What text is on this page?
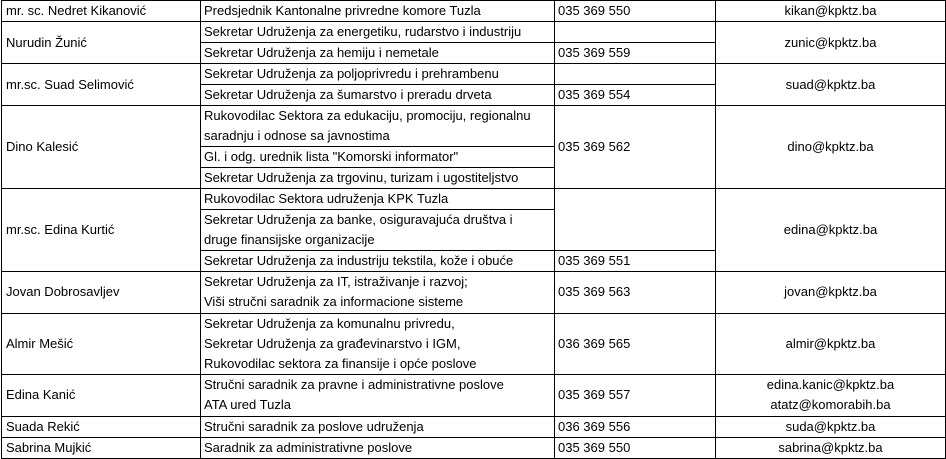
mr. sc. Nedret Kikanović	Predsjednik Kantonalne privredne komore Tuzla	035 369 550	kikan@kpktz.ba
Nurudin Žunić	Sekretar Udruženja za energetiku, rudarstvo i industriju		zunic@kpktz.ba
	Sekretar Udruženja za hemiju i nemetale	035 369 559	
mr.sc. Suad Selimović	Sekretar Udruženja za poljoprivredu i prehrambenu		suad@kpktz.ba
	Sekretar Udruženja za šumarstvo i preradu drveta	035 369 554	
Dino Kalesić	Rukovodilac Sektora za edukaciju, promociju, regionalnu
saradnju i odnose sa javnostima	035 369 562	dino@kpktz.ba
	Gl. i odg. urednik lista "Komorski informator"		
	Sekretar Udruženja za trgovinu, turizam i ugostiteljstvo		
mr.sc. Edina Kurtić	Rukovodilac Sektora udruženja KPK Tuzla		edina@kpktz.ba

	Sekretar Udruženja za banke, osiguravajuća društva i
druge finansijske organizacije		

	Sekretar Udruženja za industriju tekstila, kože i obuće	035 369 551	
Jovan Dobrosavljev	Sekretar Udruženja za IT, istraživanje i razvoj;
Viši stručni saradnik za informacione sisteme	035 369 563	jovan@kpktz.ba
Almir Mešić	Sekretar Udruženja za komunalnu privredu,
Sekretar Udruženja za građevinarstvo i IGM,
Rukovodilac sektora za finansije i opće poslove	036 369 565	almir@kpktz.ba
Edina Kanić	Stručni saradnik za pravne i administrativne poslove
ATA ured Tuzla	035 369 557	edina.kanic@kpktz.ba
atatz@komorabih.ba

Suada Rekić	Stručni saradnik za poslove udruženja	036 369 556	suda@kpktz.ba
Sabrina Mujkić	Saradnik za administrativne poslove	035 369 550	sabrina@kpktz.ba
